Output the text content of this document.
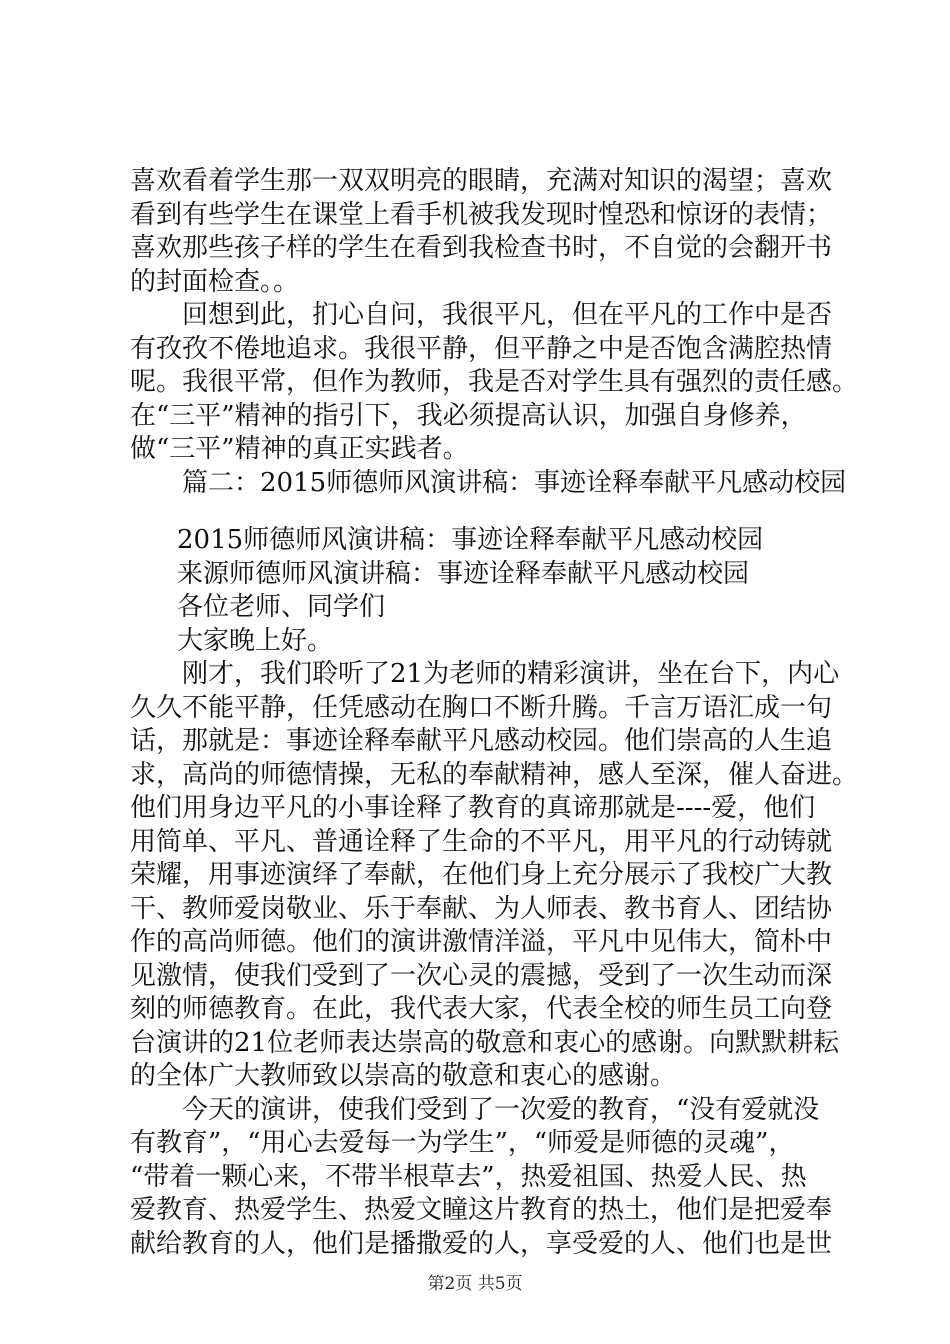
喜欢看着学生那一双双明亮的眼睛，充满对知识的渴望；喜欢
看到有些学生在课堂上看手机被我发现时惶恐和惊讶的表情；
喜欢那些孩子样的学生在看到我检查书时，不自觉的会翻开书
的封面检查。。
回想到此，扪心自问，我很平凡，但在平凡的工作中是否
有孜孜不倦地追求。我很平静，但平静之中是否饱含满腔热情
呢。我很平常，但作为教师，我是否对学生具有强烈的责任感。
在“三平”精神的指引下，我必须提高认识，加强自身修养，
做“三平”精神的真正实践者。
篇二：2015师德师风演讲稿：事迹诠释奉献平凡感动校园
2015师德师风演讲稿：事迹诠释奉献平凡感动校园
来源师德师风演讲稿：事迹诠释奉献平凡感动校园
各位老师、同学们
大家晚上好。
刚才，我们聆听了21为老师的精彩演讲，坐在台下，内心
久久不能平静，任凭感动在胸口不断升腾。千言万语汇成一句
话，那就是：事迹诠释奉献平凡感动校园。他们崇高的人生追
求，高尚的师德情操，无私的奉献精神，感人至深，催人奋进。
他们用身边平凡的小事诠释了教育的真谛那就是----爱，他们
用简单、平凡、普通诠释了生命的不平凡，用平凡的行动铸就
荣耀，用事迹演绎了奉献，在他们身上充分展示了我校广大教
干、教师爱岗敬业、乐于奉献、为人师表、教书育人、团结协
作的高尚师德。他们的演讲激情洋溢，平凡中见伟大，简朴中
见激情，使我们受到了一次心灵的震撼，受到了一次生动而深
刻的师德教育。在此，我代表大家，代表全校的师生员工向登
台演讲的21位老师表达崇高的敬意和衷心的感谢。向默默耕耘
的全体广大教师致以崇高的敬意和衷心的感谢。
今天的演讲，使我们受到了一次爱的教育，“没有爱就没
有教育”，“用心去爱每一为学生”，“师爱是师德的灵魂”，
“带着一颗心来，不带半根草去”，热爱祖国、热爱人民、热
爱教育、热爱学生、热爱文瞳这片教育的热土，他们是把爱奉
献给教育的人，他们是播撒爱的人，享受爱的人、他们也是世
第2页 共5页
